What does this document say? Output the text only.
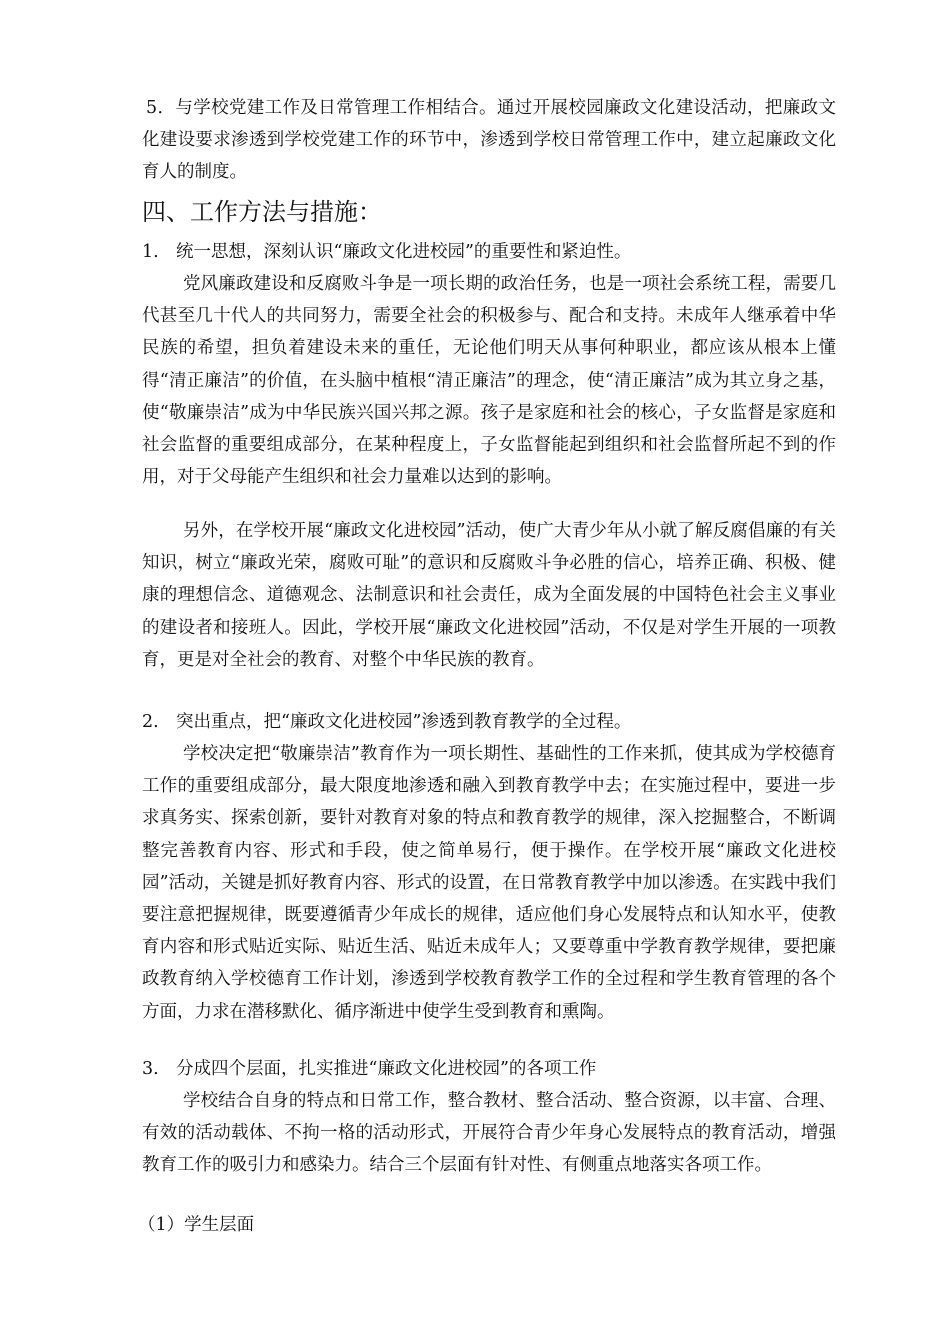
5．与学校党建工作及日常管理工作相结合。通过开展校园廉政文化建设活动，把廉政文化建设要求渗透到学校党建工作的环节中，渗透到学校日常管理工作中，建立起廉政文化育人的制度。

四、工作方法与措施：

1. 统一思想，深刻认识“廉政文化进校园”的重要性和紧迫性。

党风廉政建设和反腐败斗争是一项长期的政治任务，也是一项社会系统工程，需要几代甚至几十代人的共同努力，需要全社会的积极参与、配合和支持。未成年人继承着中华民族的希望，担负着建设未来的重任，无论他们明天从事何种职业，都应该从根本上懂得“清正廉洁”的价值，在头脑中植根“清正廉洁”的理念，使“清正廉洁”成为其立身之基，使“敬廉崇洁”成为中华民族兴国兴邦之源。孩子是家庭和社会的核心，子女监督是家庭和社会监督的重要组成部分，在某种程度上，子女监督能起到组织和社会监督所起不到的作用，对于父母能产生组织和社会力量难以达到的影响。

另外，在学校开展“廉政文化进校园”活动，使广大青少年从小就了解反腐倡廉的有关知识，树立“廉政光荣，腐败可耻”的意识和反腐败斗争必胜的信心，培养正确、积极、健康的理想信念、道德观念、法制意识和社会责任，成为全面发展的中国特色社会主义事业的建设者和接班人。因此，学校开展“廉政文化进校园”活动，不仅是对学生开展的一项教育，更是对全社会的教育、对整个中华民族的教育。

2. 突出重点，把“廉政文化进校园”渗透到教育教学的全过程。

学校决定把“敬廉崇洁”教育作为一项长期性、基础性的工作来抓，使其成为学校德育工作的重要组成部分，最大限度地渗透和融入到教育教学中去；在实施过程中，要进一步求真务实、探索创新，要针对教育对象的特点和教育教学的规律，深入挖掘整合，不断调整完善教育内容、形式和手段，使之简单易行，便于操作。在学校开展“廉政文化进校园”活动，关键是抓好教育内容、形式的设置，在日常教育教学中加以渗透。在实践中我们要注意把握规律，既要遵循青少年成长的规律，适应他们身心发展特点和认知水平，使教育内容和形式贴近实际、贴近生活、贴近未成年人；又要尊重中学教育教学规律，要把廉政教育纳入学校德育工作计划，渗透到学校教育教学工作的全过程和学生教育管理的各个方面，力求在潜移默化、循序渐进中使学生受到教育和熏陶。

3. 分成四个层面，扎实推进“廉政文化进校园”的各项工作

学校结合自身的特点和日常工作，整合教材、整合活动、整合资源，以丰富、合理、有效的活动载体、不拘一格的活动形式，开展符合青少年身心发展特点的教育活动，增强教育工作的吸引力和感染力。结合三个层面有针对性、有侧重点地落实各项工作。

（1）学生层面
